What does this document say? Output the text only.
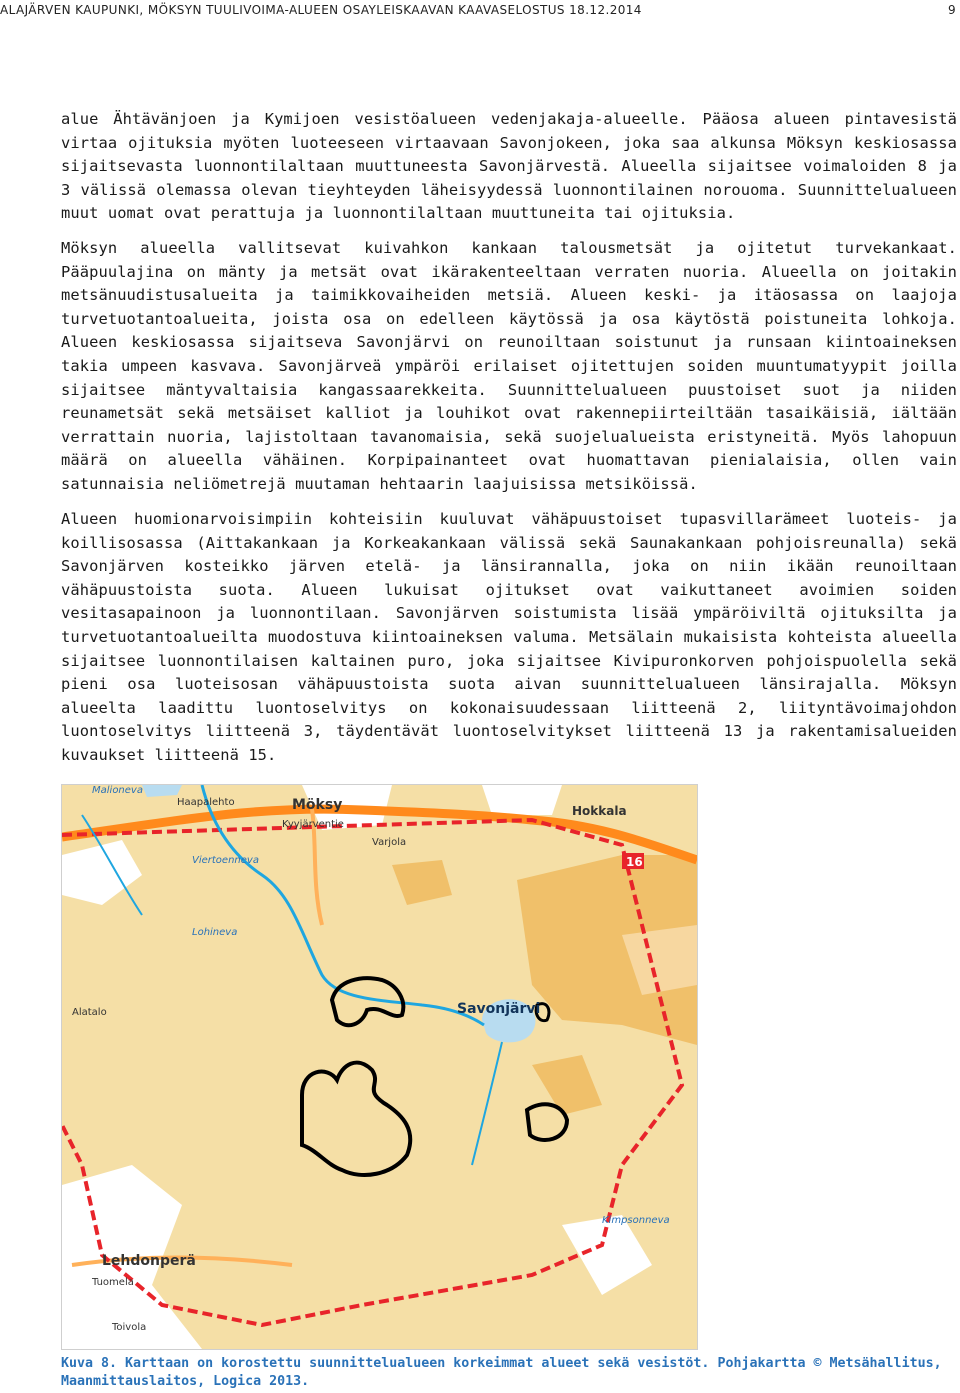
ALAJÄRVEN KAUPUNKI, MÖKSYN TUULIVOIMA-ALUEEN OSAYLEISKAAVAN KAAVASELOSTUS 18.12.2014	9

alue Ähtävänjoen ja Kymijoen vesistöalueen vedenjakaja-alueelle. Pääosa alueen pintavesistä virtaa ojituksia myöten luoteeseen virtaavaan Savonjokeen, joka saa alkunsa Möksyn keskiosassa sijaitsevasta luonnontilaltaan muuttuneesta Savonjärvestä. Alueella sijaitsee voimaloiden 8 ja 3 välissä olemassa olevan tieyhteyden läheisyydessä luonnontilainen norouoma. Suunnittelualueen muut uomat ovat perattuja ja luonnontilaltaan muuttuneita tai ojituksia.

Möksyn alueella vallitsevat kuivahkon kankaan talousmetsät ja ojitetut turvekankaat. Pääpuulajina on mänty ja metsät ovat ikärakenteeltaan verraten nuoria. Alueella on joitakin metsänuudistusalueita ja taimikkovaiheiden metsiä. Alueen keski- ja itäosassa on laajoja turvetuotantoalueita, joista osa on edelleen käytössä ja osa käytöstä poistuneita lohkoja. Alueen keskiosassa sijaitseva Savonjärvi on reunoiltaan soistunut ja runsaan kiintoaineksen takia umpeen kasvava. Savonjärveä ympäröi erilaiset ojitettujen soiden muuntumatyypit joilla sijaitsee mäntyvaltaisia kangassaarekkeita. Suunnittelualueen puustoiset suot ja niiden reunametsät sekä metsäiset kalliot ja louhikot ovat rakennepiirteiltään tasaikäisiä, iältään verrattain nuoria, lajistoltaan tavanomaisia, sekä suojelualueista eristyneitä. Myös lahopuun määrä on alueella vähäinen. Korpipainanteet ovat huomattavan pienialaisia, ollen vain satunnaisia neliömetrejä muutaman hehtaarin laajuisissa metsiköissä.

Alueen huomionarvoisimpiin kohteisiin kuuluvat vähäpuustoiset tupasvillarämeet luoteis- ja koillisosassa (Aittakankaan ja Korkeakankaan välissä sekä Saunakankaan pohjoisreunalla) sekä Savonjärven kosteikko järven etelä- ja länsirannalla, joka on niin ikään reunoiltaan vähäpuustoista suota. Alueen lukuisat ojitukset ovat vaikuttaneet avoimien soiden vesitasapainoon ja luonnontilaan. Savonjärven soistumista lisää ympäröiviltä ojituksilta ja turvetuotantoalueilta muodostuva kiintoaineksen valuma. Metsälain mukaisista kohteista alueella sijaitsee luonnontilaisen kaltainen puro, joka sijaitsee Kivipuronkorven pohjoispuolella sekä pieni osa luoteisosan vähäpuustoista suota aivan suunnittelualueen länsirajalla. Möksyn alueelta laadittu luontoselvitys on kokonaisuudessaan liitteenä 2, liityntävoimajohdon luontoselvitys liitteenä 3, täydentävät luontoselvitykset liitteenä 13 ja rakentamisalueiden kuvaukset liitteenä 15.

Möksy	Hokkala
Savonjärvi
Lehdonperä
16
Malioneva
Haapalehto
Kyyjärventie
Varjola
Viertoenneva
Lohineva
Alatalo
Tuomela
Toivola
Kimpsonneva
Kuva 8. Karttaan on korostettu suunnittelualueen korkeimmat alueet sekä vesistöt. Pohjakartta © Metsähallitus, Maanmittauslaitos, Logica 2013.
